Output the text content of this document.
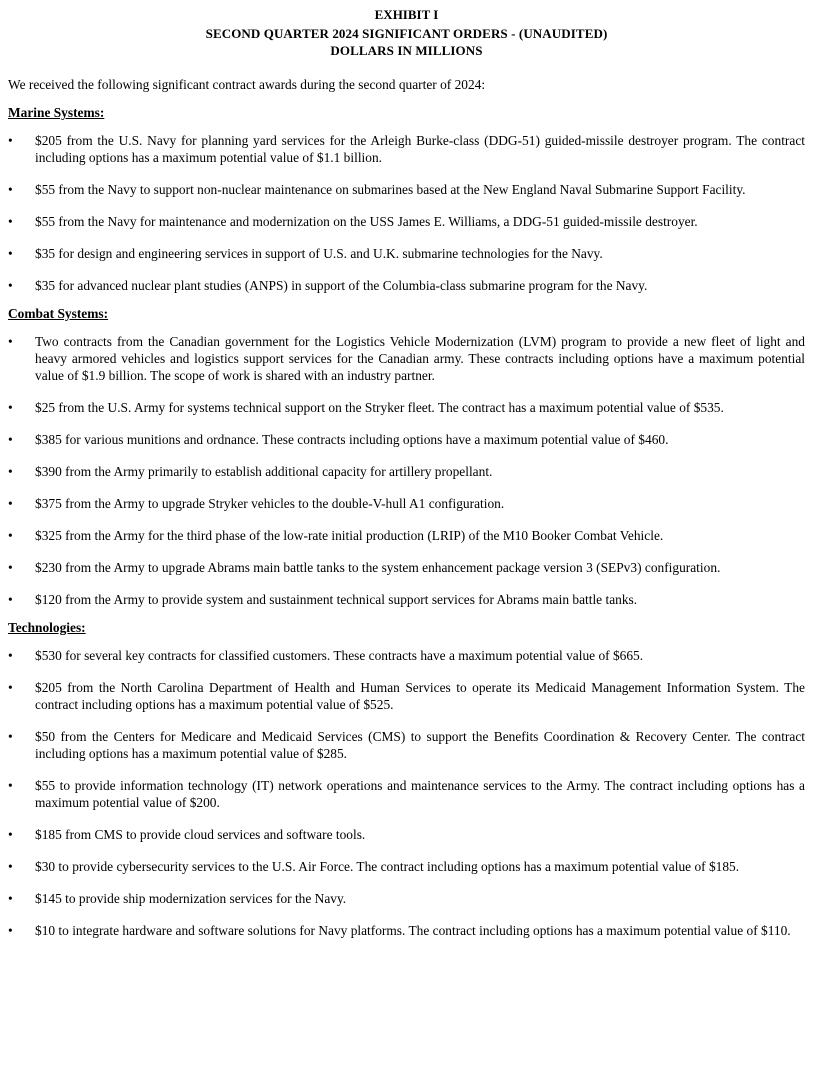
EXHIBIT I
SECOND QUARTER 2024 SIGNIFICANT ORDERS - (UNAUDITED)
DOLLARS IN MILLIONS
We received the following significant contract awards during the second quarter of 2024:
Marine Systems:
•	$205 from the U.S. Navy for planning yard services for the Arleigh Burke-class (DDG-51) guided-missile destroyer program. The contract including options has a maximum potential value of $1.1 billion.
•	$55 from the Navy to support non-nuclear maintenance on submarines based at the New England Naval Submarine Support Facility.
•	$55 from the Navy for maintenance and modernization on the USS James E. Williams, a DDG-51 guided-missile destroyer.
•	$35 for design and engineering services in support of U.S. and U.K. submarine technologies for the Navy.
•	$35 for advanced nuclear plant studies (ANPS) in support of the Columbia-class submarine program for the Navy.
Combat Systems:
•	Two contracts from the Canadian government for the Logistics Vehicle Modernization (LVM) program to provide a new fleet of light and heavy armored vehicles and logistics support services for the Canadian army. These contracts including options have a maximum potential value of $1.9 billion. The scope of work is shared with an industry partner.
•	$25 from the U.S. Army for systems technical support on the Stryker fleet. The contract has a maximum potential value of $535.
•	$385 for various munitions and ordnance. These contracts including options have a maximum potential value of $460.
•	$390 from the Army primarily to establish additional capacity for artillery propellant.
•	$375 from the Army to upgrade Stryker vehicles to the double-V-hull A1 configuration.
•	$325 from the Army for the third phase of the low-rate initial production (LRIP) of the M10 Booker Combat Vehicle.
•	$230 from the Army to upgrade Abrams main battle tanks to the system enhancement package version 3 (SEPv3) configuration.
•	$120 from the Army to provide system and sustainment technical support services for Abrams main battle tanks.
Technologies:
•	$530 for several key contracts for classified customers. These contracts have a maximum potential value of $665.
•	$205 from the North Carolina Department of Health and Human Services to operate its Medicaid Management Information System. The contract including options has a maximum potential value of $525.
•	$50 from the Centers for Medicare and Medicaid Services (CMS) to support the Benefits Coordination & Recovery Center. The contract including options has a maximum potential value of $285.
•	$55 to provide information technology (IT) network operations and maintenance services to the Army. The contract including options has a maximum potential value of $200.
•	$185 from CMS to provide cloud services and software tools.
•	$30 to provide cybersecurity services to the U.S. Air Force. The contract including options has a maximum potential value of $185.
•	$145 to provide ship modernization services for the Navy.
•	$10 to integrate hardware and software solutions for Navy platforms. The contract including options has a maximum potential value of $110.
